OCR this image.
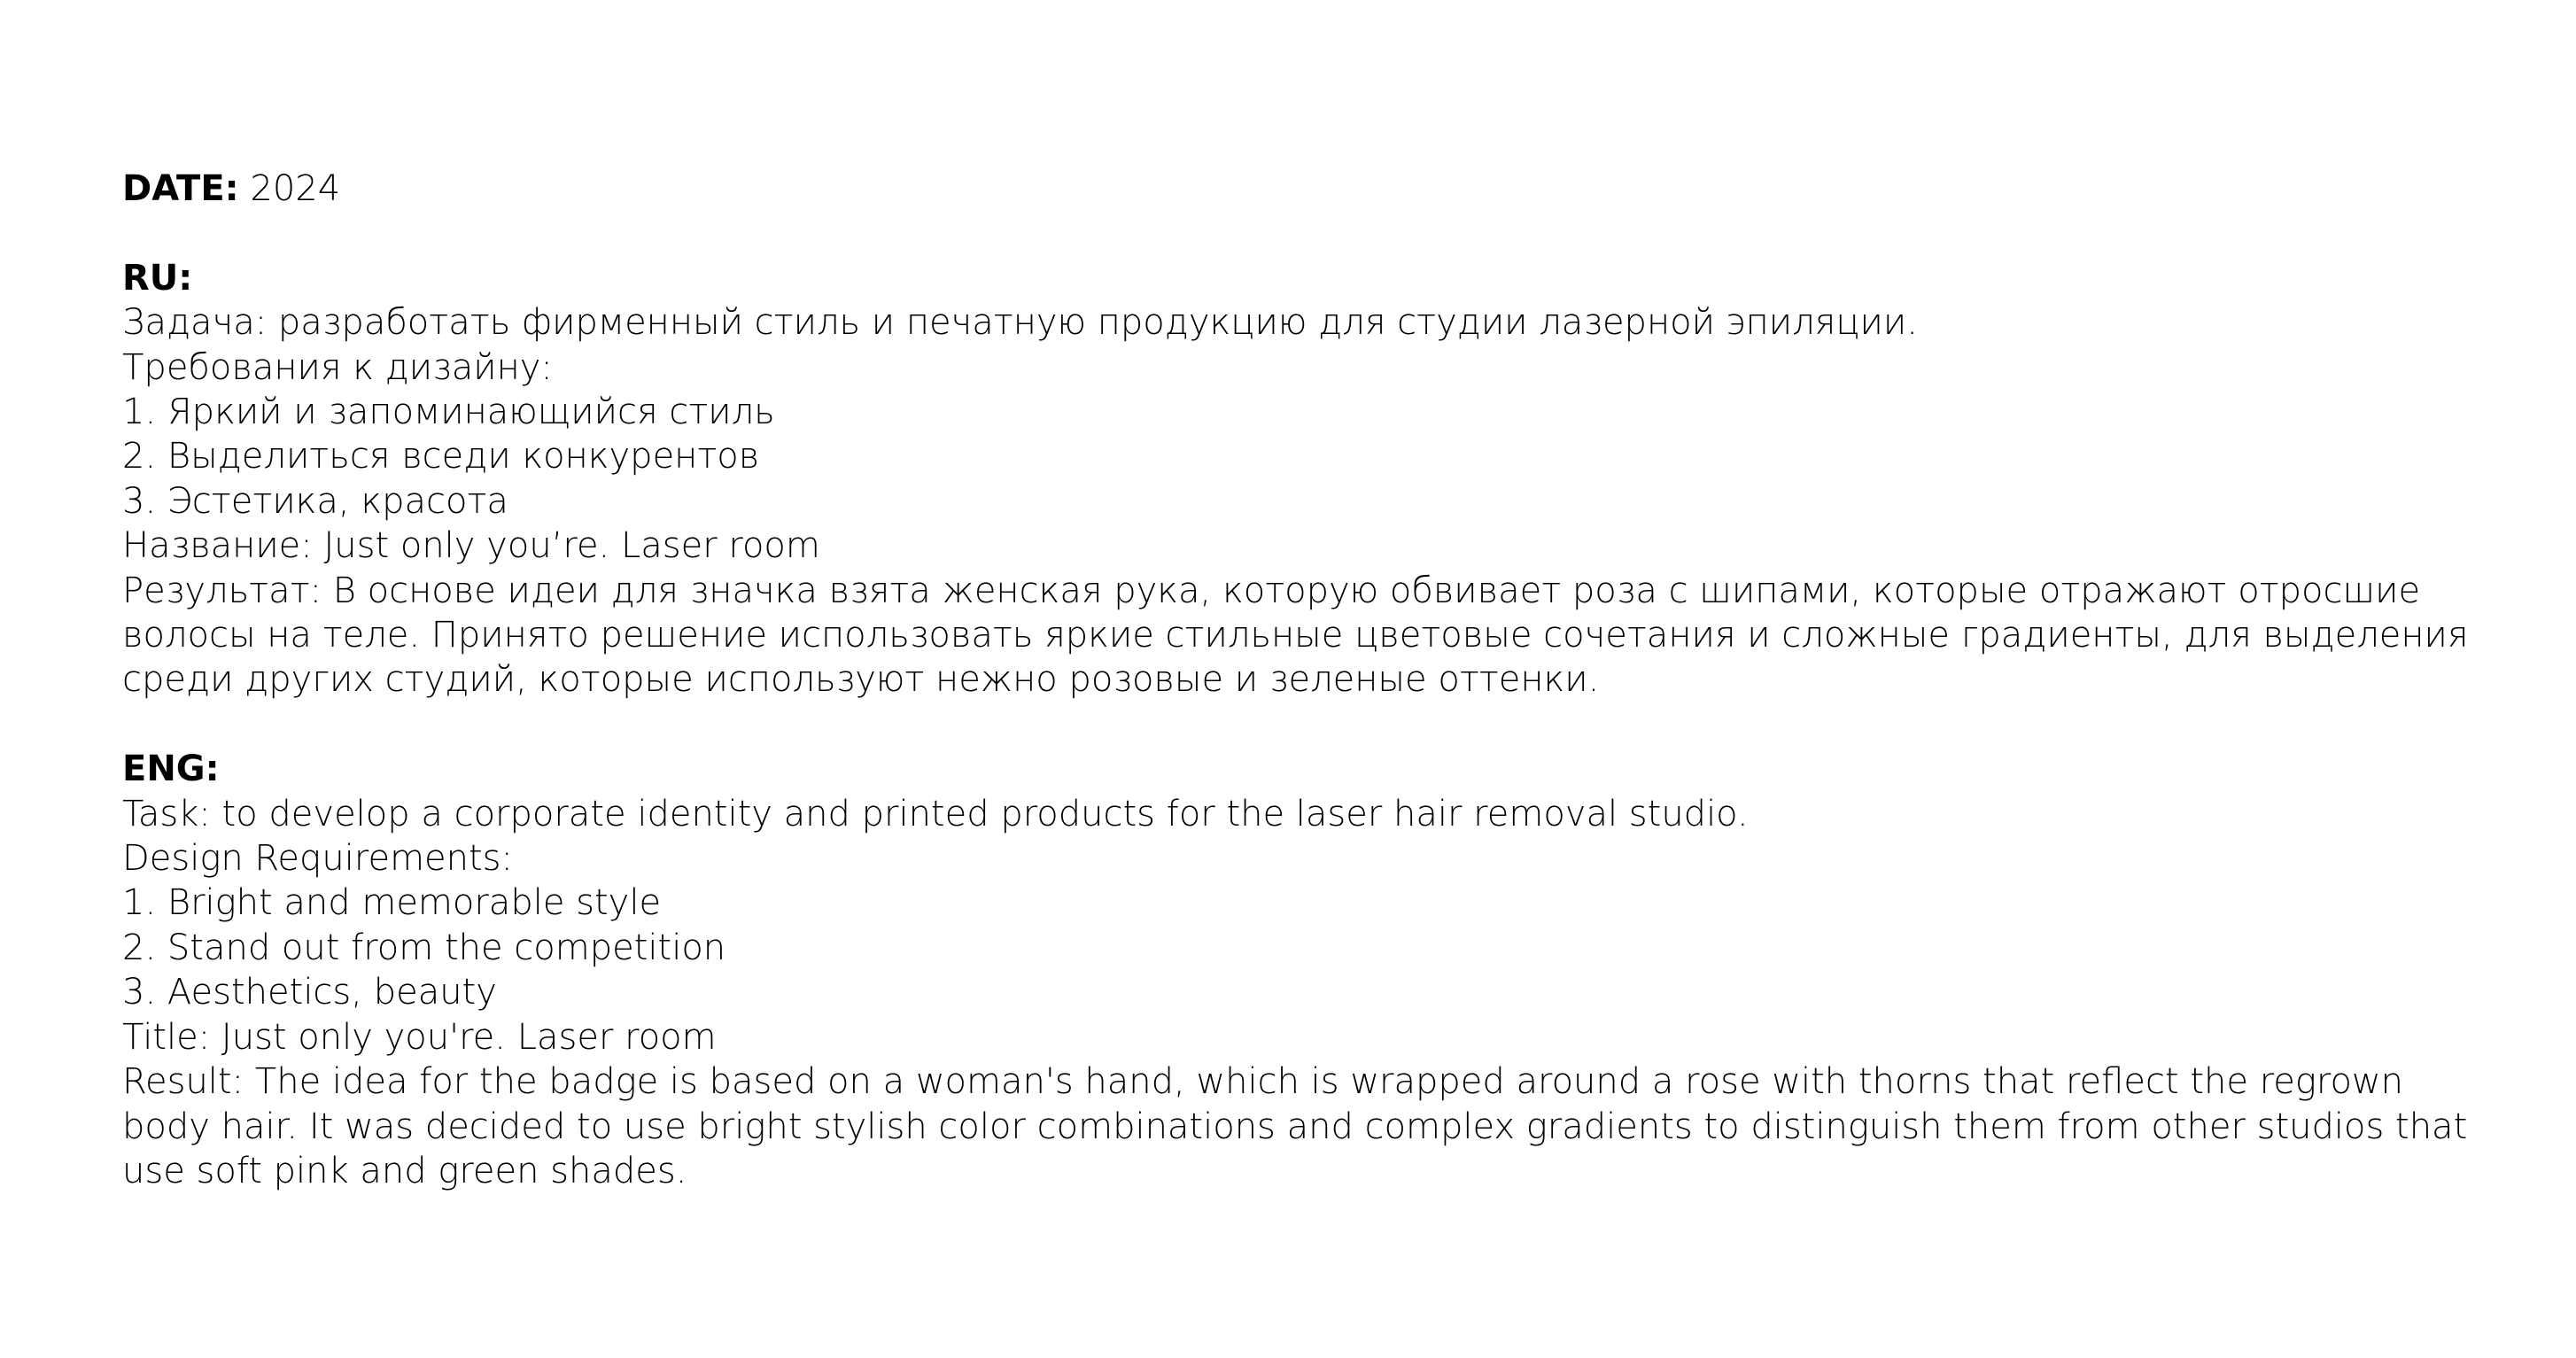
DATE: 2024
RU:
Задача: разработать фирменный стиль и печатную продукцию для студии лазерной эпиляции.
Требования к дизайну:
1. Яркий и запоминающийся стиль
2. Выделиться вседи конкурентов
3. Эстетика, красота
Название: Just only you’re. Laser room
Результат: В основе идеи для значка взята женская рука, которую обвивает роза с шипами, которые отражают отросшие волосы на теле. Принято решение использовать яркие стильные цветовые сочетания и сложные градиенты, для выделения среди других студий, которые используют нежно розовые и зеленые оттенки.
ENG:
Task: to develop a corporate identity and printed products for the laser hair removal studio.
Design Requirements:
1. Bright and memorable style
2. Stand out from the competition
3. Aesthetics, beauty
Title: Just only you're. Laser room
Result: The idea for the badge is based on a woman's hand, which is wrapped around a rose with thorns that reflect the regrown body hair. It was decided to use bright stylish color combinations and complex gradients to distinguish them from other studios that use soft pink and green shades.
